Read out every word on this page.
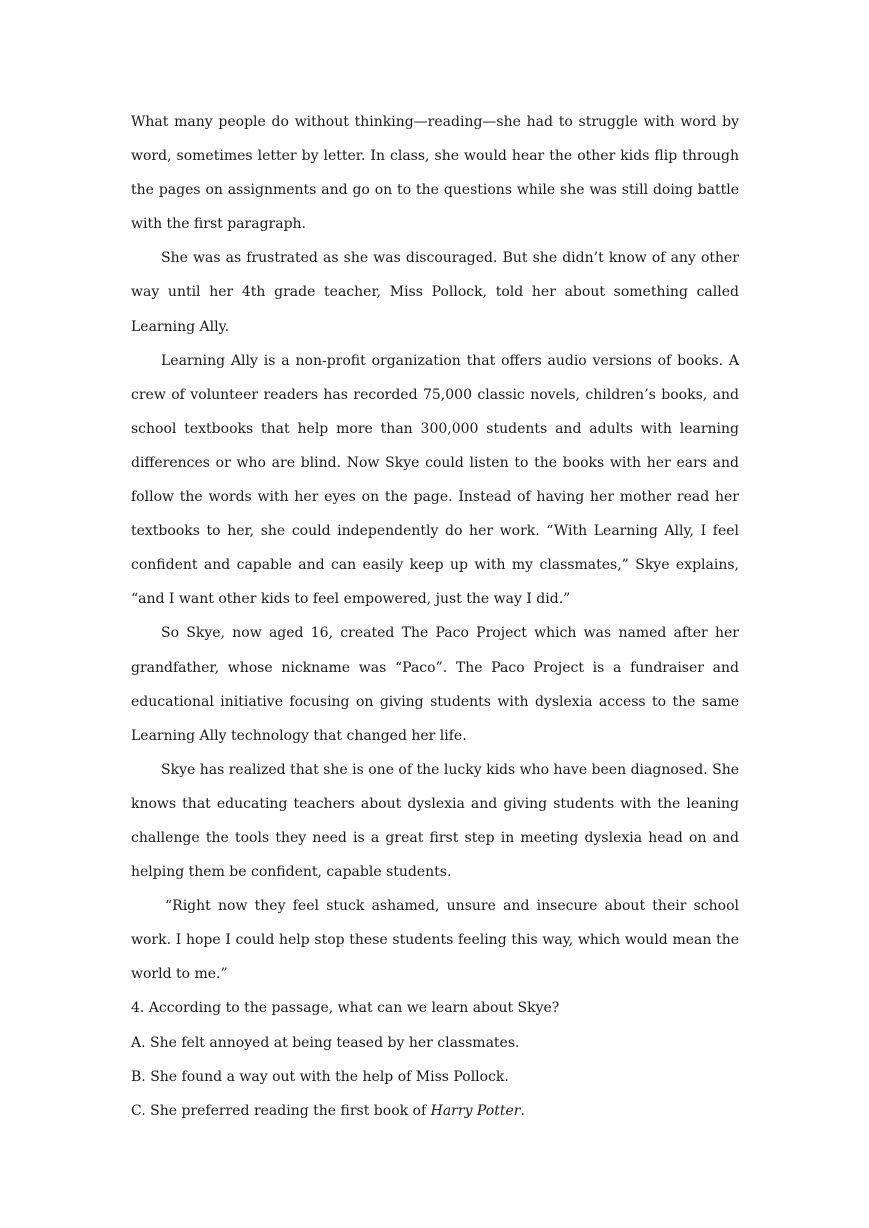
What many people do without thinking—reading—she had to struggle with word by word, sometimes letter by letter. In class, she would hear the other kids flip through the pages on assignments and go on to the questions while she was still doing battle with the first paragraph.

She was as frustrated as she was discouraged. But she didn’t know of any other way until her 4th grade teacher, Miss Pollock, told her about something called Learning Ally.

Learning Ally is a non-profit organization that offers audio versions of books. A crew of volunteer readers has recorded 75,000 classic novels, children’s books, and school textbooks that help more than 300,000 students and adults with learning differences or who are blind. Now Skye could listen to the books with her ears and follow the words with her eyes on the page. Instead of having her mother read her textbooks to her, she could independently do her work. “With Learning Ally, I feel confident and capable and can easily keep up with my classmates,” Skye explains, “and I want other kids to feel empowered, just the way I did.”

So Skye, now aged 16, created The Paco Project which was named after her grandfather, whose nickname was “Paco”. The Paco Project is a fundraiser and educational initiative focusing on giving students with dyslexia access to the same Learning Ally technology that changed her life.

Skye has realized that she is one of the lucky kids who have been diagnosed. She knows that educating teachers about dyslexia and giving students with the leaning challenge the tools they need is a great first step in meeting dyslexia head on and helping them be confident, capable students.

“Right now they feel stuck ashamed, unsure and insecure about their school work. I hope I could help stop these students feeling this way, which would mean the world to me.”

4. According to the passage, what can we learn about Skye?

A. She felt annoyed at being teased by her classmates.

B. She found a way out with the help of Miss Pollock.

C. She preferred reading the first book of Harry Potter.
